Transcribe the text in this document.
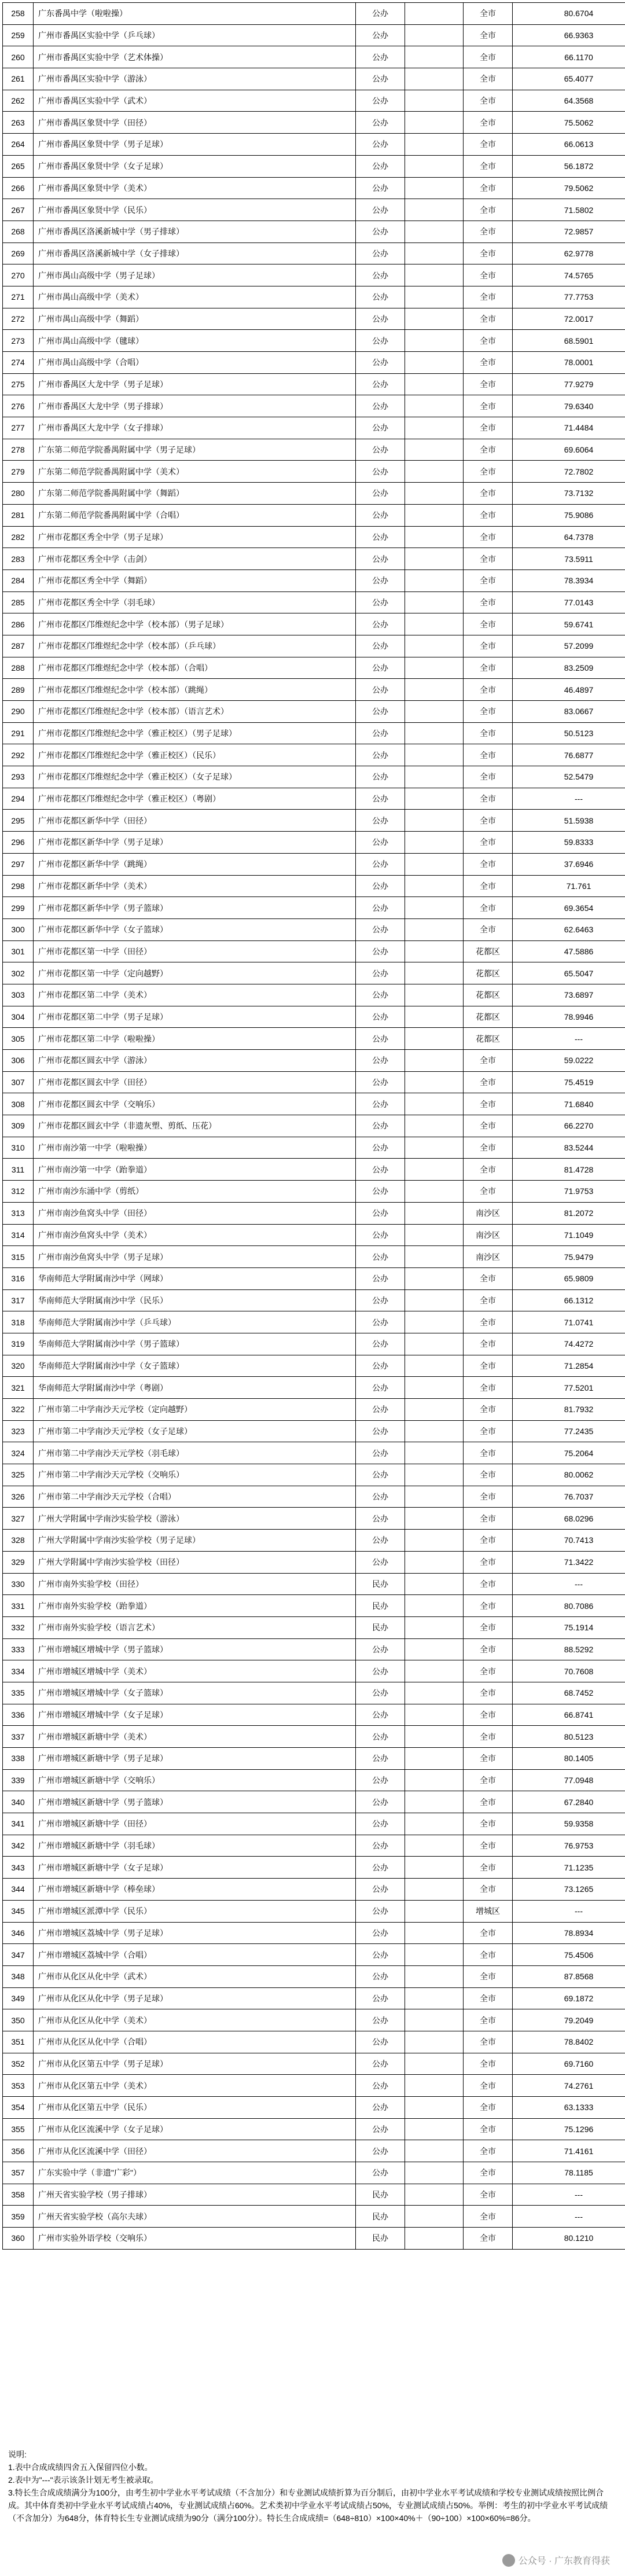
258	广东番禺中学（啦啦操）	公办		全市	80.6704
259	广州市番禺区实验中学（乒乓球）	公办		全市	66.9363
260	广州市番禺区实验中学（艺术体操）	公办		全市	66.1170
261	广州市番禺区实验中学（游泳）	公办		全市	65.4077
262	广州市番禺区实验中学（武术）	公办		全市	64.3568
263	广州市番禺区象贤中学（田径）	公办		全市	75.5062
264	广州市番禺区象贤中学（男子足球）	公办		全市	66.0613
265	广州市番禺区象贤中学（女子足球）	公办		全市	56.1872
266	广州市番禺区象贤中学（美术）	公办		全市	79.5062
267	广州市番禺区象贤中学（民乐）	公办		全市	71.5802
268	广州市番禺区洛溪新城中学（男子排球）	公办		全市	72.9857
269	广州市番禺区洛溪新城中学（女子排球）	公办		全市	62.9778
270	广州市禺山高级中学（男子足球）	公办		全市	74.5765
271	广州市禺山高级中学（美术）	公办		全市	77.7753
272	广州市禺山高级中学（舞蹈）	公办		全市	72.0017
273	广州市禺山高级中学（毽球）	公办		全市	68.5901
274	广州市禺山高级中学（合唱）	公办		全市	78.0001
275	广州市番禺区大龙中学（男子足球）	公办		全市	77.9279
276	广州市番禺区大龙中学（男子排球）	公办		全市	79.6340
277	广州市番禺区大龙中学（女子排球）	公办		全市	71.4484
278	广东第二师范学院番禺附属中学（男子足球）	公办		全市	69.6064
279	广东第二师范学院番禺附属中学（美术）	公办		全市	72.7802
280	广东第二师范学院番禺附属中学（舞蹈）	公办		全市	73.7132
281	广东第二师范学院番禺附属中学（合唱）	公办		全市	75.9086
282	广州市花都区秀全中学（男子足球）	公办		全市	64.7378
283	广州市花都区秀全中学（击剑）	公办		全市	73.5911
284	广州市花都区秀全中学（舞蹈）	公办		全市	78.3934
285	广州市花都区秀全中学（羽毛球）	公办		全市	77.0143
286	广州市花都区邝维煜纪念中学（校本部）（男子足球）	公办		全市	59.6741
287	广州市花都区邝维煜纪念中学（校本部）（乒乓球）	公办		全市	57.2099
288	广州市花都区邝维煜纪念中学（校本部）（合唱）	公办		全市	83.2509
289	广州市花都区邝维煜纪念中学（校本部）（跳绳）	公办		全市	46.4897
290	广州市花都区邝维煜纪念中学（校本部）（语言艺术）	公办		全市	83.0667
291	广州市花都区邝维煜纪念中学（雅正校区）（男子足球）	公办		全市	50.5123
292	广州市花都区邝维煜纪念中学（雅正校区）（民乐）	公办		全市	76.6877
293	广州市花都区邝维煜纪念中学（雅正校区）（女子足球）	公办		全市	52.5479
294	广州市花都区邝维煜纪念中学（雅正校区）（粤剧）	公办		全市	---
295	广州市花都区新华中学（田径）	公办		全市	51.5938
296	广州市花都区新华中学（男子足球）	公办		全市	59.8333
297	广州市花都区新华中学（跳绳）	公办		全市	37.6946
298	广州市花都区新华中学（美术）	公办		全市	71.761
299	广州市花都区新华中学（男子篮球）	公办		全市	69.3654
300	广州市花都区新华中学（女子篮球）	公办		全市	62.6463
301	广州市花都区第一中学（田径）	公办		花都区	47.5886
302	广州市花都区第一中学（定向越野）	公办		花都区	65.5047
303	广州市花都区第二中学（美术）	公办		花都区	73.6897
304	广州市花都区第二中学（男子足球）	公办		花都区	78.9946
305	广州市花都区第二中学（啦啦操）	公办		花都区	---
306	广州市花都区圆玄中学（游泳）	公办		全市	59.0222
307	广州市花都区圆玄中学（田径）	公办		全市	75.4519
308	广州市花都区圆玄中学（交响乐）	公办		全市	71.6840
309	广州市花都区圆玄中学（非遗灰塑、剪纸、压花）	公办		全市	66.2270
310	广州市南沙第一中学（啦啦操）	公办		全市	83.5244
311	广州市南沙第一中学（跆拳道）	公办		全市	81.4728
312	广州市南沙东涌中学（剪纸）	公办		全市	71.9753
313	广州市南沙鱼窝头中学（田径）	公办		南沙区	81.2072
314	广州市南沙鱼窝头中学（美术）	公办		南沙区	71.1049
315	广州市南沙鱼窝头中学（男子足球）	公办		南沙区	75.9479
316	华南师范大学附属南沙中学（网球）	公办		全市	65.9809
317	华南师范大学附属南沙中学（民乐）	公办		全市	66.1312
318	华南师范大学附属南沙中学（乒乓球）	公办		全市	71.0741
319	华南师范大学附属南沙中学（男子篮球）	公办		全市	74.4272
320	华南师范大学附属南沙中学（女子篮球）	公办		全市	71.2854
321	华南师范大学附属南沙中学（粤剧）	公办		全市	77.5201
322	广州市第二中学南沙天元学校（定向越野）	公办		全市	81.7932
323	广州市第二中学南沙天元学校（女子足球）	公办		全市	77.2435
324	广州市第二中学南沙天元学校（羽毛球）	公办		全市	75.2064
325	广州市第二中学南沙天元学校（交响乐）	公办		全市	80.0062
326	广州市第二中学南沙天元学校（合唱）	公办		全市	76.7037
327	广州大学附属中学南沙实验学校（游泳）	公办		全市	68.0296
328	广州大学附属中学南沙实验学校（男子足球）	公办		全市	70.7413
329	广州大学附属中学南沙实验学校（田径）	公办		全市	71.3422
330	广州市南外实验学校（田径）	民办		全市	---
331	广州市南外实验学校（跆拳道）	民办		全市	80.7086
332	广州市南外实验学校（语言艺术）	民办		全市	75.1914
333	广州市增城区增城中学（男子篮球）	公办		全市	88.5292
334	广州市增城区增城中学（美术）	公办		全市	70.7608
335	广州市增城区增城中学（女子篮球）	公办		全市	68.7452
336	广州市增城区增城中学（女子足球）	公办		全市	66.8741
337	广州市增城区新塘中学（美术）	公办		全市	80.5123
338	广州市增城区新塘中学（男子足球）	公办		全市	80.1405
339	广州市增城区新塘中学（交响乐）	公办		全市	77.0948
340	广州市增城区新塘中学（男子篮球）	公办		全市	67.2840
341	广州市增城区新塘中学（田径）	公办		全市	59.9358
342	广州市增城区新塘中学（羽毛球）	公办		全市	76.9753
343	广州市增城区新塘中学（女子足球）	公办		全市	71.1235
344	广州市增城区新塘中学（棒垒球）	公办		全市	73.1265
345	广州市增城区派潭中学（民乐）	公办		增城区	---
346	广州市增城区荔城中学（男子足球）	公办		全市	78.8934
347	广州市增城区荔城中学（合唱）	公办		全市	75.4506
348	广州市从化区从化中学（武术）	公办		全市	87.8568
349	广州市从化区从化中学（男子足球）	公办		全市	69.1872
350	广州市从化区从化中学（美术）	公办		全市	79.2049
351	广州市从化区从化中学（合唱）	公办		全市	78.8402
352	广州市从化区第五中学（男子足球）	公办		全市	69.7160
353	广州市从化区第五中学（美术）	公办		全市	74.2761
354	广州市从化区第五中学（民乐）	公办		全市	63.1333
355	广州市从化区流溪中学（女子足球）	公办		全市	75.1296
356	广州市从化区流溪中学（田径）	公办		全市	71.4161
357	广东实验中学（非遗"广彩"）	公办		全市	78.1185
358	广州天省实验学校（男子排球）	民办		全市	---
359	广州天省实验学校（高尔夫球）	民办		全市	---
360	广州市实验外语学校（交响乐）	民办		全市	80.1210

说明:

1.表中合成成绩四舍五入保留四位小数。

2.表中为"---"表示该条计划无考生被录取。

3.特长生合成成绩满分为100分，由考生初中学业水平考试成绩（不含加分）和专业测试成绩折算为百分制后，由初中学业水平考试成绩和学校专业测试成绩按照比例合成。其中体育类初中学业水平考试成绩占40%，专业测试成绩占60%。艺术类初中学业水平考试成绩占50%，专业测试成绩占50%。举例：考生的初中学业水平考试成绩（不含加分）为648分，体育特长生专业测试成绩为90分（满分100分）。特长生合成成绩=（648÷810）×100×40%＋（90÷100）×100×60%=86分。

公众号 · 广东教育得获
